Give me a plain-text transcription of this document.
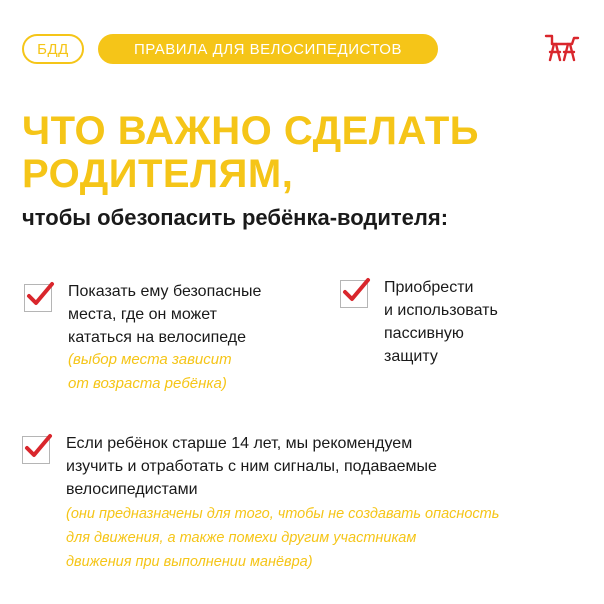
БДД	ПРАВИЛА ДЛЯ ВЕЛОСИПЕДИСТОВ
ЧТО ВАЖНО СДЕЛАТЬ
РОДИТЕЛЯМ,

чтобы обезопасить ребёнка-водителя:

Показать ему безопасные
места, где он может
кататься на велосипеде
(выбор места зависит
от возраста ребёнка)
Приобрести
и использовать
пассивную
защиту
Если ребёнок старше 14 лет, мы рекомендуем
изучить и отработать с ним сигналы, подаваемые
велосипедистами
(они предназначены для того, чтобы не создавать опасность
для движения, а также помехи другим участникам
движения при выполнении манёвра)
